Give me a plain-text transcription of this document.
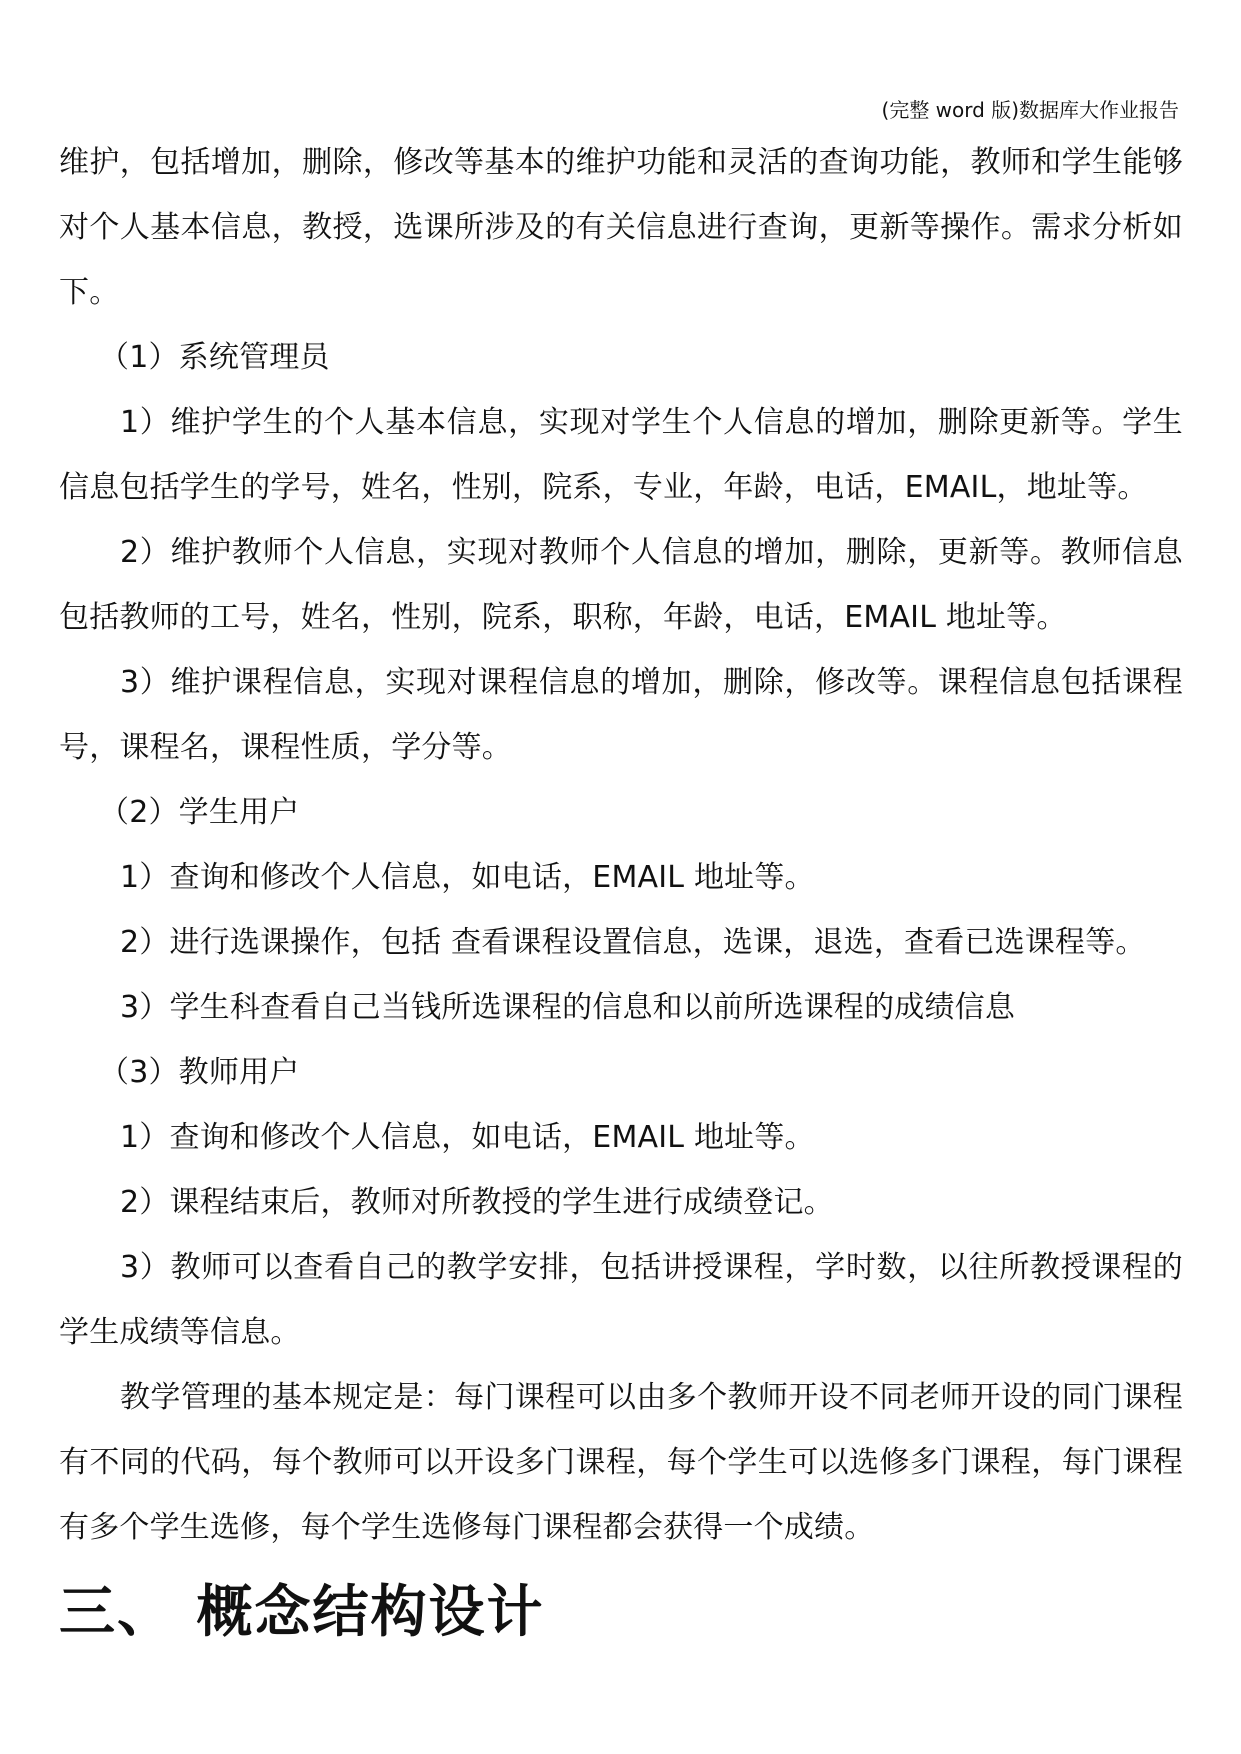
(完整 word 版)数据库大作业报告

维护，包括增加，删除，修改等基本的维护功能和灵活的查询功能，教师和学生能够对个人基本信息，教授，选课所涉及的有关信息进行查询，更新等操作。需求分析如下。

（1）系统管理员

1）维护学生的个人基本信息，实现对学生个人信息的增加，删除更新等。学生信息包括学生的学号，姓名，性别，院系，专业，年龄，电话，EMAIL，地址等。

2）维护教师个人信息，实现对教师个人信息的增加，删除，更新等。教师信息包括教师的工号，姓名，性别，院系，职称，年龄，电话，EMAIL 地址等。

3）维护课程信息，实现对课程信息的增加，删除，修改等。课程信息包括课程号，课程名，课程性质，学分等。

（2）学生用户

1）查询和修改个人信息，如电话，EMAIL 地址等。

2）进行选课操作，包括 查看课程设置信息，选课，退选，查看已选课程等。

3）学生科查看自己当钱所选课程的信息和以前所选课程的成绩信息

（3）教师用户

1）查询和修改个人信息，如电话，EMAIL 地址等。

2）课程结束后，教师对所教授的学生进行成绩登记。

3）教师可以查看自己的教学安排，包括讲授课程，学时数，以往所教授课程的学生成绩等信息。

教学管理的基本规定是：每门课程可以由多个教师开设不同老师开设的同门课程有不同的代码，每个教师可以开设多门课程，每个学生可以选修多门课程，每门课程有多个学生选修，每个学生选修每门课程都会获得一个成绩。

三、 概念结构设计
